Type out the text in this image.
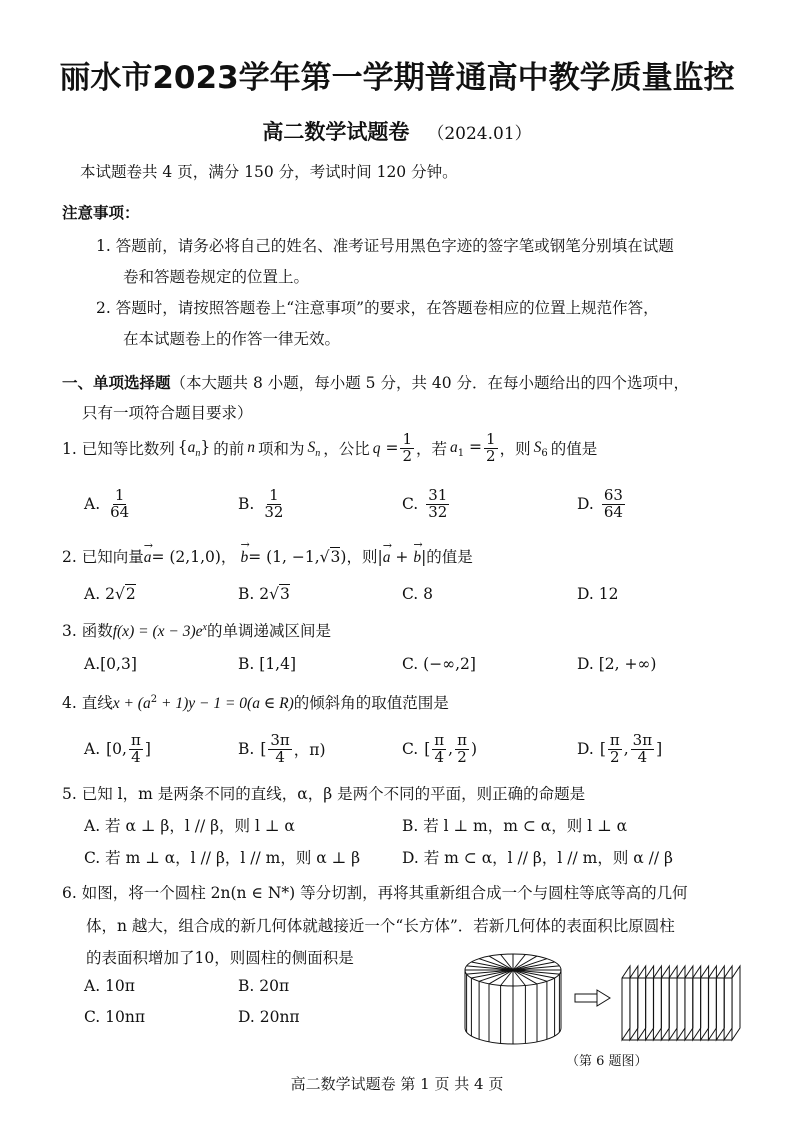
丽水市2023学年第一学期普通高中教学质量监控
高二数学试题卷 （2024.01）
本试题卷共 4 页，满分 150 分，考试时间 120 分钟。
注意事项：
1. 答题前，请务必将自己的姓名、准考证号用黑色字迹的签字笔或钢笔分别填在试题
卷和答题卷规定的位置上。
2. 答题时，请按照答题卷上“注意事项”的要求，在答题卷相应的位置上规范作答，
在本试题卷上的作答一律无效。
一、单项选择题（本大题共 8 小题，每小题 5 分，共 40 分．在每小题给出的四个选项中，
只有一项符合题目要求）
1. 已知等比数列 $\{a_n\}$ 的前 n 项和为 $S_n$ ，公比 $q = \frac{1}{2}$ ，若 $a_1 = \frac{1}{2}$ ，则 $S_6$ 的值是
A. $\frac{1}{64}$	B. $\frac{1}{32}$	C. $\frac{31}{32}$	D. $\frac{63}{64}$
2. 已知向量a
→
= (2,1,0)， b
→
= (1, −1,√3)，则|a
→
+ b
→
|的值是
A. 2√2	B. 2√3	C. 8	D. 12
3. 函数$f(x) = (x - 3)e^x$的单调递减区间是
A.[0,3]	B. [1,4]	C. (−∞,2]	D. [2, +∞)
4. 直线$x + (a^2 + 1)y - 1 = 0(a$ ∈ R)的倾斜角的取值范围是
A. [0, $\frac{\pi}{4}$ ]	B. [ $\frac{3\pi}{4}$ ，π)	C. [ $\frac{\pi}{4}$ , $\frac{\pi}{2}$ )	D. [ $\frac{\pi}{2}$ , $\frac{3\pi}{4}$ ]
5. 已知 l，m 是两条不同的直线，α，β 是两个不同的平面，则正确的命题是
A. 若 α ⊥ β，l // β，则 l ⊥ α	B. 若 l ⊥ m，m ⊂ α，则 l ⊥ α
C. 若 m ⊥ α，l // β，l // m，则 α ⊥ β	D. 若 m ⊂ α，l // β，l // m，则 α // β
6. 如图，将一个圆柱 2n(n ∈ N*) 等分切割，再将其重新组合成一个与圆柱等底等高的几何
体，n 越大，组合成的新几何体就越接近一个“长方体”．若新几何体的表面积比原圆柱
的表面积增加了10，则圆柱的侧面积是
A. 10π	B. 20π
C. 10nπ	D. 20nπ
（第 6 题图）
高二数学试题卷 第 1 页 共 4 页
